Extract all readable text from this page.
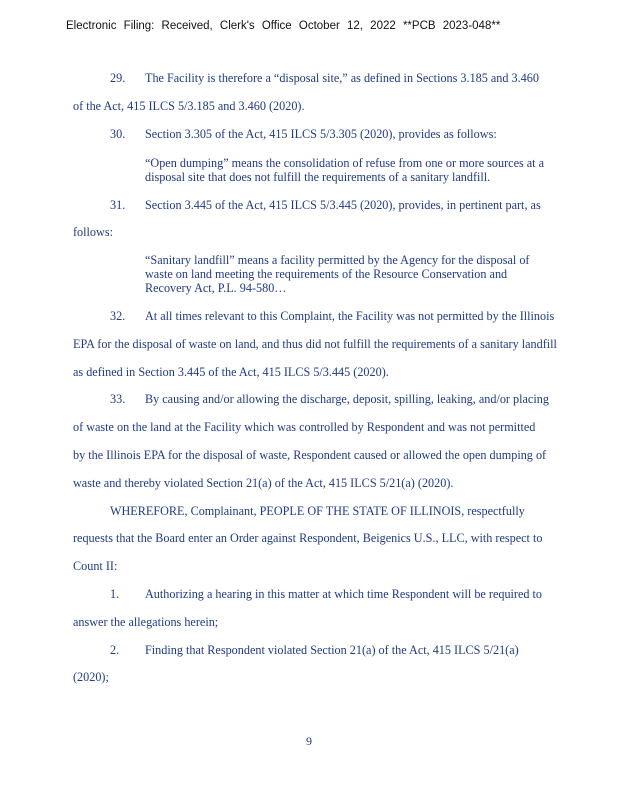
Electronic Filing: Received, Clerk's Office October 12, 2022 **PCB 2023-048**
29. The Facility is therefore a “disposal site,” as defined in Sections 3.185 and 3.460
of the Act, 415 ILCS 5/3.185 and 3.460 (2020).
30. Section 3.305 of the Act, 415 ILCS 5/3.305 (2020), provides as follows:
“Open dumping” means the consolidation of refuse from one or more sources at a
disposal site that does not fulfill the requirements of a sanitary landfill.
31. Section 3.445 of the Act, 415 ILCS 5/3.445 (2020), provides, in pertinent part, as
follows:
“Sanitary landfill” means a facility permitted by the Agency for the disposal of
waste on land meeting the requirements of the Resource Conservation and
Recovery Act, P.L. 94-580…
32. At all times relevant to this Complaint, the Facility was not permitted by the Illinois
EPA for the disposal of waste on land, and thus did not fulfill the requirements of a sanitary landfill
as defined in Section 3.445 of the Act, 415 ILCS 5/3.445 (2020).
33. By causing and/or allowing the discharge, deposit, spilling, leaking, and/or placing
of waste on the land at the Facility which was controlled by Respondent and was not permitted
by the Illinois EPA for the disposal of waste, Respondent caused or allowed the open dumping of
waste and thereby violated Section 21(a) of the Act, 415 ILCS 5/21(a) (2020).
WHEREFORE, Complainant, PEOPLE OF THE STATE OF ILLINOIS, respectfully
requests that the Board enter an Order against Respondent, Beigenics U.S., LLC, with respect to
Count II:
1. Authorizing a hearing in this matter at which time Respondent will be required to
answer the allegations herein;
2. Finding that Respondent violated Section 21(a) of the Act, 415 ILCS 5/21(a)
(2020);
9
